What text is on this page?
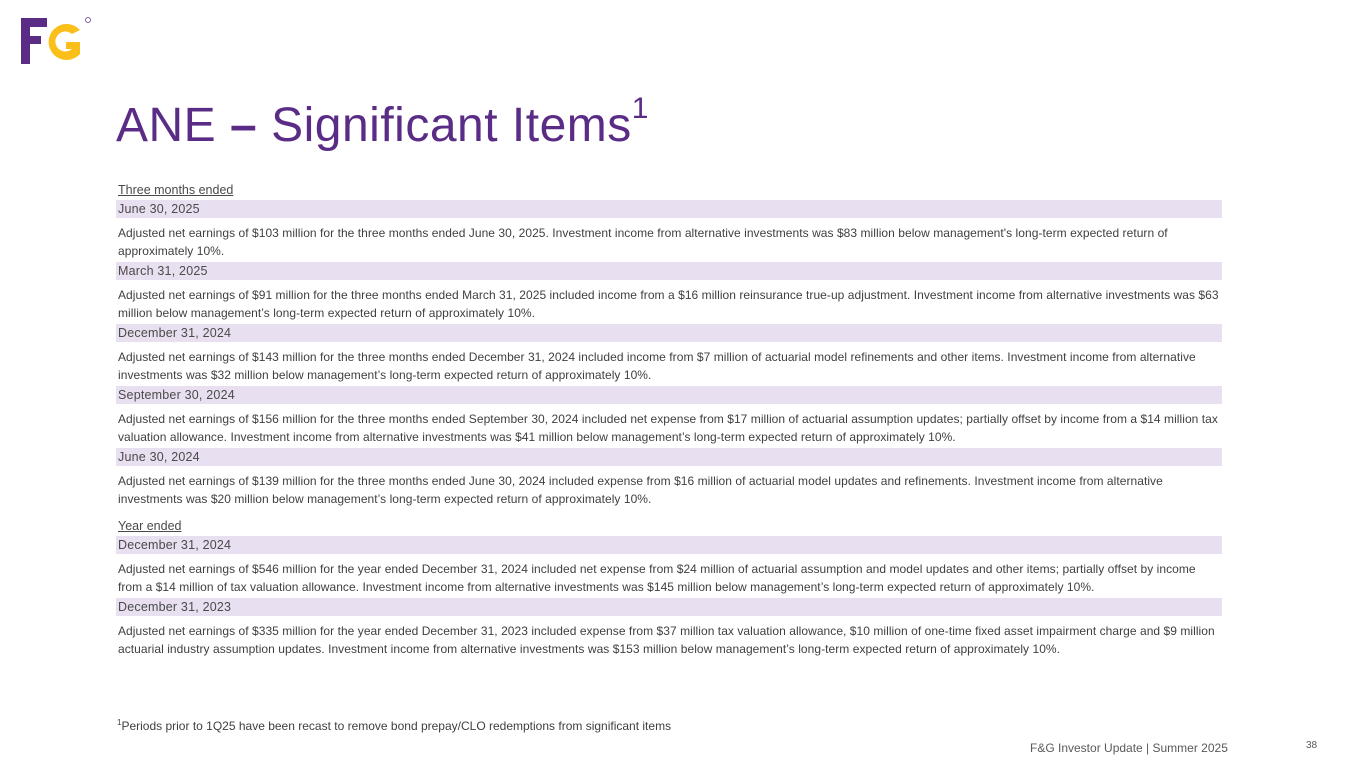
&
ANE – Significant Items$^1$
Three months ended
June 30, 2025
Adjusted net earnings of $103 million for the three months ended June 30, 2025. Investment income from alternative investments was $83 million below management's long-term expected return of approximately 10%.
March 31, 2025
Adjusted net earnings of $91 million for the three months ended March 31, 2025 included income from a $16 million reinsurance true-up adjustment. Investment income from alternative investments was $63 million below management’s long-term expected return of approximately 10%.
December 31, 2024
Adjusted net earnings of $143 million for the three months ended December 31, 2024 included income from $7 million of actuarial model refinements and other items. Investment income from alternative investments was $32 million below management’s long-term expected return of approximately 10%.
September 30, 2024
Adjusted net earnings of $156 million for the three months ended September 30, 2024 included net expense from $17 million of actuarial assumption updates; partially offset by income from a $14 million tax valuation allowance. Investment income from alternative investments was $41 million below management’s long-term expected return of approximately 10%.
June 30, 2024
Adjusted net earnings of $139 million for the three months ended June 30, 2024 included expense from $16 million of actuarial model updates and refinements. Investment income from alternative investments was $20 million below management’s long-term expected return of approximately 10%.
Year ended
December 31, 2024
Adjusted net earnings of $546 million for the year ended December 31, 2024 included net expense from $24 million of actuarial assumption and model updates and other items; partially offset by income from a $14 million of tax valuation allowance. Investment income from alternative investments was $145 million below management’s long-term expected return of approximately 10%.
December 31, 2023
Adjusted net earnings of $335 million for the year ended December 31, 2023 included expense from $37 million tax valuation allowance, $10 million of one-time fixed asset impairment charge and $9 million actuarial industry assumption updates. Investment income from alternative investments was $153 million below management’s long-term expected return of approximately 10%.
$^1$Periods prior to 1Q25 have been recast to remove bond prepay/CLO redemptions from significant items
F&G Investor Update | Summer 2025	38
